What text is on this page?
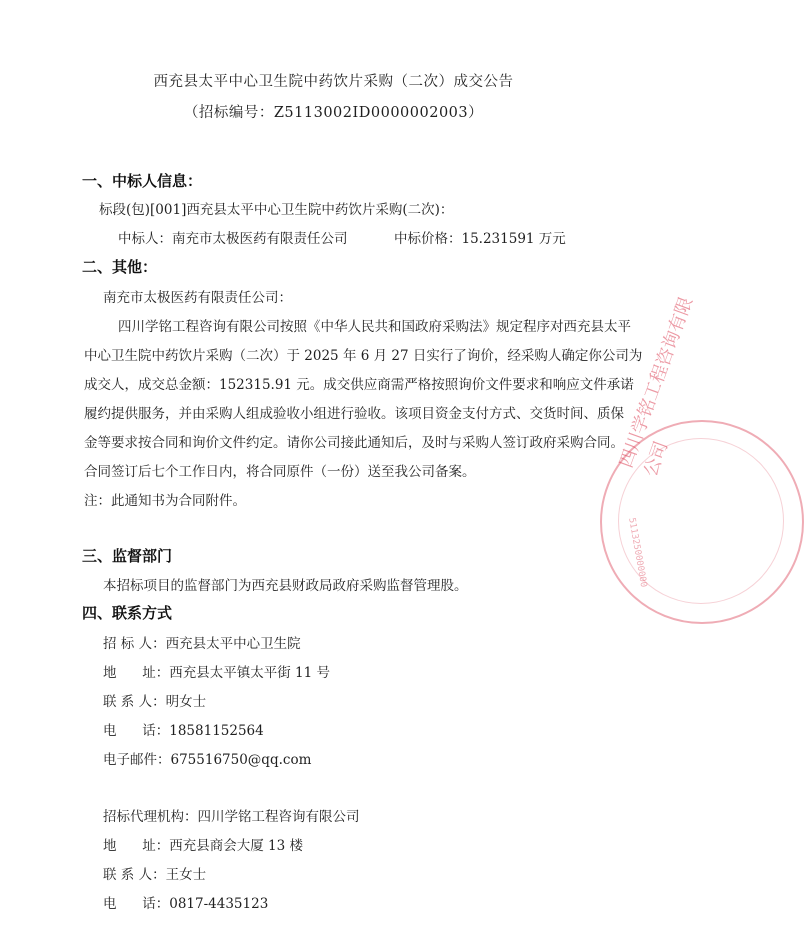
西充县太平中心卫生院中药饮片采购（二次）成交公告
（招标编号：Z5113002ID0000002003）
一、中标人信息：
标段(包)[001]西充县太平中心卫生院中药饮片采购(二次)：
中标人：南充市太极医药有限责任公司	中标价格：15.231591 万元
二、其他：
南充市太极医药有限责任公司：
四川学铭工程咨询有限公司按照《中华人民共和国政府采购法》规定程序对西充县太平
中心卫生院中药饮片采购（二次）于 2025 年 6 月 27 日实行了询价，经采购人确定你公司为
成交人，成交总金额：152315.91 元。成交供应商需严格按照询价文件要求和响应文件承诺
履约提供服务，并由采购人组成验收小组进行验收。该项目资金支付方式、交货时间、质保
金等要求按合同和询价文件约定。请你公司接此通知后，及时与采购人签订政府采购合同。
合同签订后七个工作日内，将合同原件（一份）送至我公司备案。
注：此通知书为合同附件。
三、监督部门
本招标项目的监督部门为西充县财政局政府采购监督管理股。
四、联系方式
招 标 人：西充县太平中心卫生院
地      址：西充县太平镇太平街 11 号
联 系 人：明女士
电      话：18581152564
电子邮件：675516750@qq.com
招标代理机构：四川学铭工程咨询有限公司
地      址：西充县商会大厦 13 楼
联 系 人：王女士
电      话：0817-4435123
四川学铭工程咨询有限公司
5113250000000
